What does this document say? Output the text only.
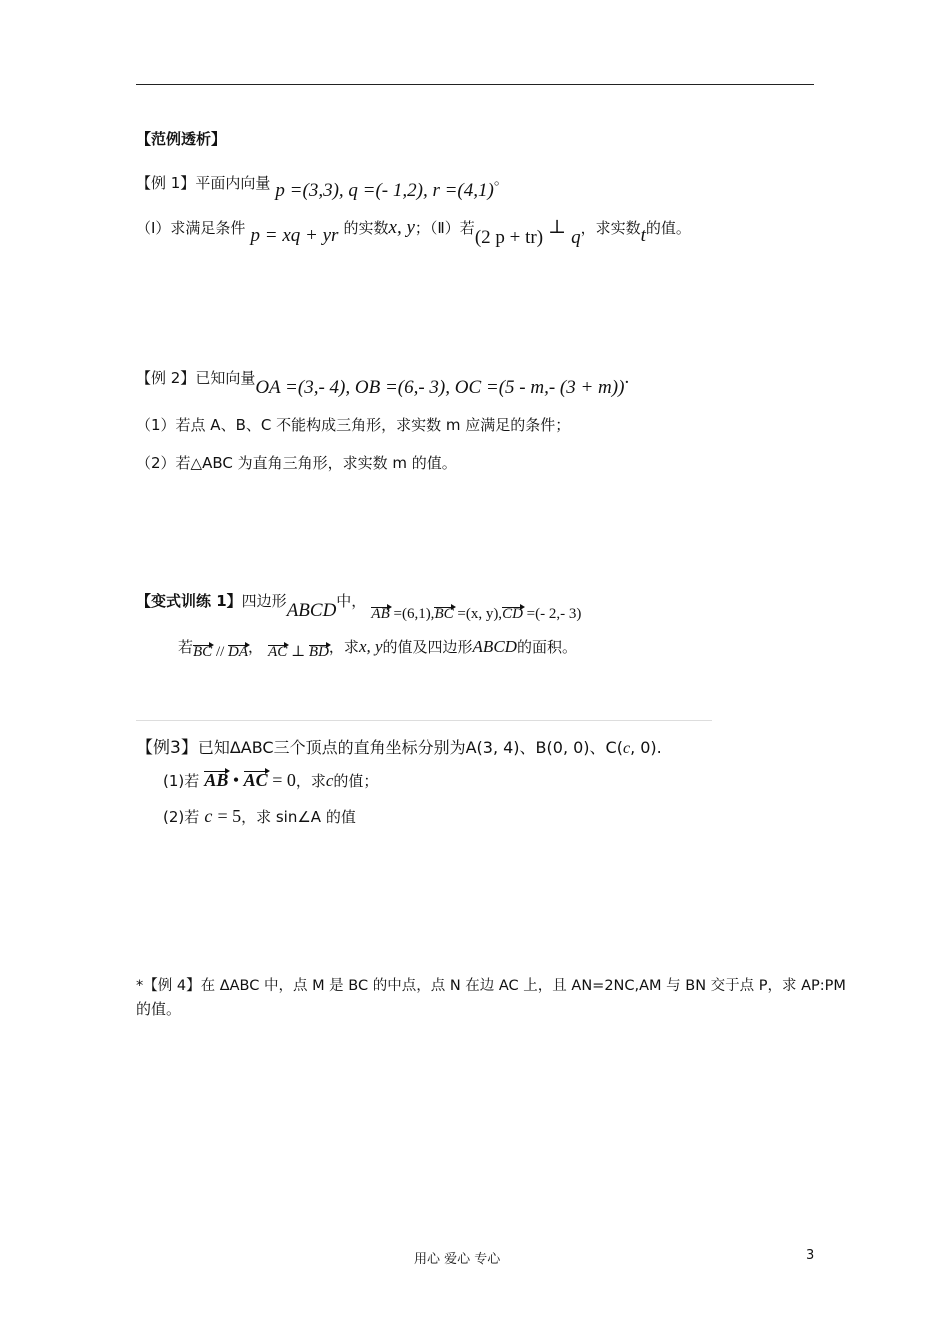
【范例透析】
【例 1】平面内向量 p =(3,3), q =(- 1,2), r =(4,1)。
（Ⅰ）求满足条件 p = xq + yr 的实数x, y；（Ⅱ）若(2 p + tr) ⊥ q，求实数t的值。
【例 2】已知向量OA =(3,- 4), OB =(6,- 3), OC =(5 - m,- (3 + m)).
（1）若点 A、B、C 不能构成三角形，求实数 m 应满足的条件；
（2）若△ABC 为直角三角形，求实数 m 的值。
【变式训练 1】四边形ABCD中， AB =(6,1),BC =(x, y),CD =(- 2,- 3)
若BC // DA， AC ⊥ BD，求x, y的值及四边形ABCD的面积。
【例3】已知ΔABC三个顶点的直角坐标分别为A(3, 4)、B(0, 0)、C(c, 0).
(1)若 AB • AC = 0，求c的值；
(2)若 c = 5，求 sin∠A 的值
*【例 4】在 ΔABC 中，点 M 是 BC 的中点，点 N 在边 AC 上，且 AN=2NC,AM 与 BN 交于点 P，求 AP:PM
的值。
用心 爱心 专心	3
